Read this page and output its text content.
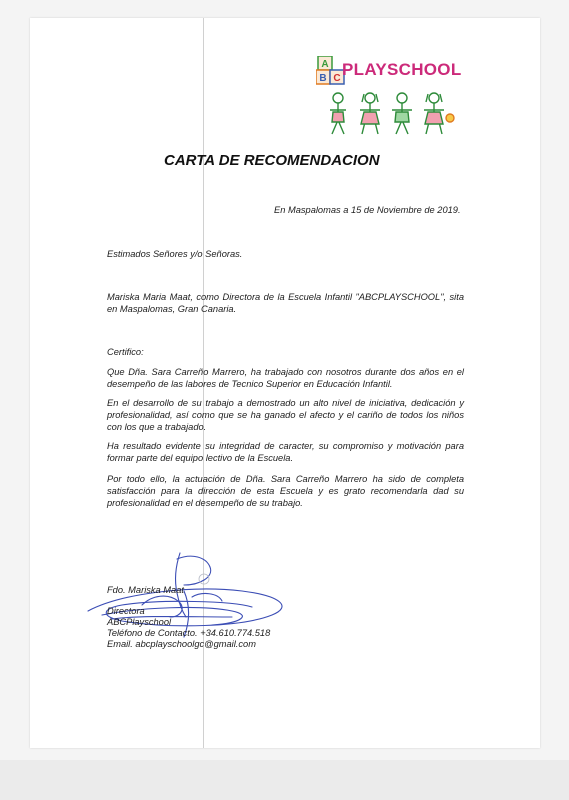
A
B C PLAYSCHOOL
CARTA DE RECOMENDACION

En Maspalomas a 15 de Noviembre de 2019.

Estimados Señores y/o Señoras.

Mariska Maria Maat, como Directora de la Escuela Infantil "ABCPLAYSCHOOL", sita en Maspalomas, Gran Canaria.

Certifico:

Que Dña. Sara Carreño Marrero, ha trabajado con nosotros durante dos años en el desempeño de las labores de Tecnico Superior en Educación Infantil.

En el desarrollo de su trabajo a demostrado un alto nivel de iniciativa, dedicación y profesionalidad, así como que se ha ganado el afecto y el cariño de todos los niños con los que a trabajado.

Ha resultado evidente su integridad de caracter, su compromiso y motivación para formar parte del equipo lectivo de la Escuela.

Por todo ello, la actuación de Dña. Sara Carreño Marrero ha sido de completa satisfacción para la dirección de esta Escuela y es grato recomendarla dad su profesionalidad en el desempeño de su trabajo.

Fdo. Mariska Maat

Directora

ABCPlayschool

Teléfono de Contacto. +34.610.774.518

Email. abcplayschoolgc@gmail.com
